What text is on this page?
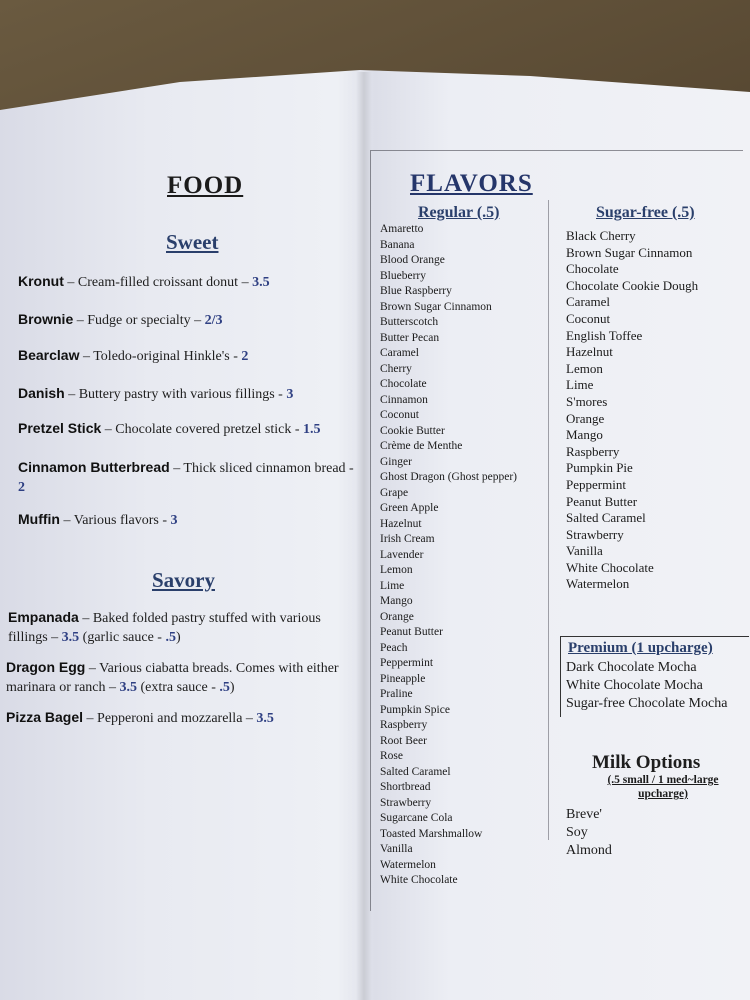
FOOD
Sweet
Kronut – Cream-filled croissant donut – 3.5
Brownie – Fudge or specialty – 2/3
Bearclaw – Toledo-original Hinkle's - 2
Danish – Buttery pastry with various fillings - 3
Pretzel Stick – Chocolate covered pretzel stick - 1.5
Cinnamon Butterbread – Thick sliced cinnamon bread - 2
Muffin – Various flavors - 3
Savory
Empanada – Baked folded pastry stuffed with various fillings – 3.5 (garlic sauce - .5)
Dragon Egg – Various ciabatta breads. Comes with either marinara or ranch – 3.5 (extra sauce - .5)
Pizza Bagel – Pepperoni and mozzarella – 3.5
FLAVORS
Regular (.5)
Amaretto
Banana
Blood Orange
Blueberry
Blue Raspberry
Brown Sugar Cinnamon
Butterscotch
Butter Pecan
Caramel
Cherry
Chocolate
Cinnamon
Coconut
Cookie Butter
Crème de Menthe
Ginger
Ghost Dragon (Ghost pepper)
Grape
Green Apple
Hazelnut
Irish Cream
Lavender
Lemon
Lime
Mango
Orange
Peanut Butter
Peach
Peppermint
Pineapple
Praline
Pumpkin Spice
Raspberry
Root Beer
Rose
Salted Caramel
Shortbread
Strawberry
Sugarcane Cola
Toasted Marshmallow
Vanilla
Watermelon
White Chocolate
Sugar-free (.5)
Black Cherry
Brown Sugar Cinnamon
Chocolate
Chocolate Cookie Dough
Caramel
Coconut
English Toffee
Hazelnut
Lemon
Lime
S'mores
Orange
Mango
Raspberry
Pumpkin Pie
Peppermint
Peanut Butter
Salted Caramel
Strawberry
Vanilla
White Chocolate
Watermelon
Premium (1 upcharge)
Dark Chocolate Mocha
White Chocolate Mocha
Sugar-free Chocolate Mocha
Milk Options
(.5 small / 1 med~large upcharge)
Breve'
Soy
Almond
